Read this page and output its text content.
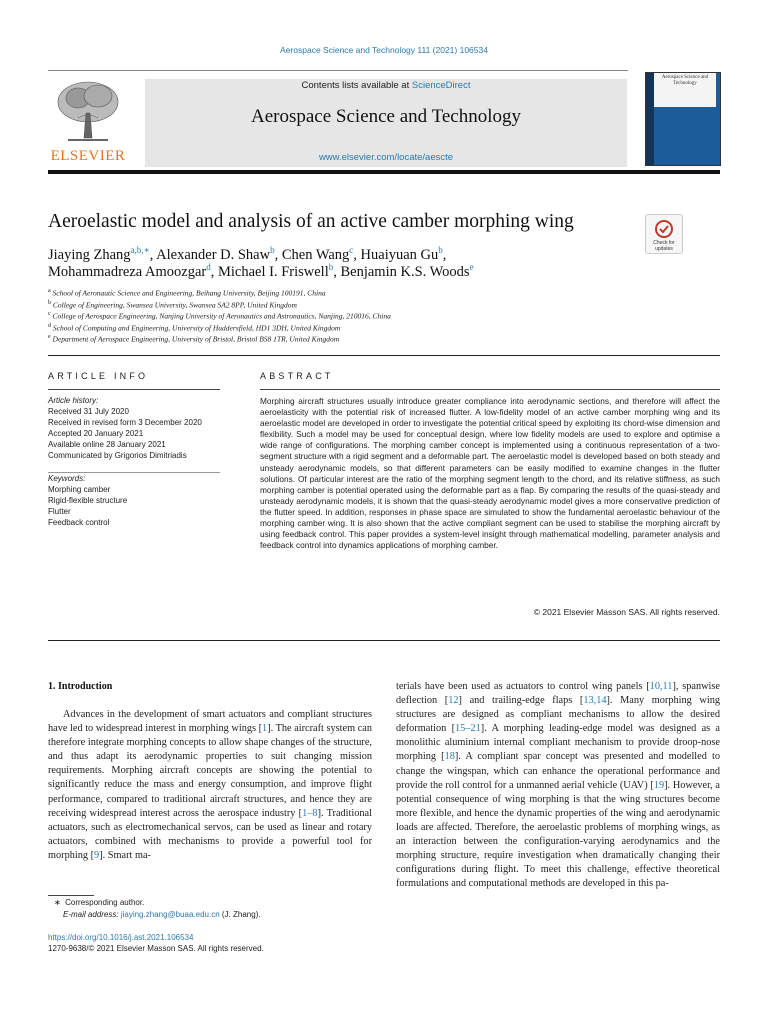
Aerospace Science and Technology 111 (2021) 106534
ELSEVIER
Contents lists available at ScienceDirect
Aerospace Science and Technology
www.elsevier.com/locate/aescte
Aerospace Science and Technology
Aeroelastic model and analysis of an active camber morphing wing
Check for
updates
Jiaying Zhang$^{a,b,∗}$, Alexander D. Shaw$^b$, Chen Wang$^c$, Huaiyuan Gu$^b$,
Mohammadreza Amoozgar$^d$, Michael I. Friswell$^b$, Benjamin K.S. Woods$^e$
$^a$ School of Aeronautic Science and Engineering, Beihang University, Beijing 100191, China
$^b$ College of Engineering, Swansea University, Swansea SA2 8PP, United Kingdom
$^c$ College of Aerospace Engineering, Nanjing University of Aeronautics and Astronautics, Nanjing, 210016, China
$^d$ School of Computing and Engineering, University of Huddersfield, HD1 3DH, United Kingdom
$^e$ Department of Aerospace Engineering, University of Bristol, Bristol BS8 1TR, United Kingdom
ARTICLE INFO	ABSTRACT
Article history:
Received 31 July 2020
Received in revised form 3 December 2020
Accepted 20 January 2021
Available online 28 January 2021
Communicated by Grigorios Dimitriadis
Keywords:
Morphing camber
Rigid-flexible structure
Flutter
Feedback control
Morphing aircraft structures usually introduce greater compliance into aerodynamic sections, and therefore will affect the aeroelasticity with the potential risk of increased flutter. A low-fidelity model of an active camber morphing wing and its aeroelastic model are developed in order to investigate the potential critical speed by exploiting its chord-wise dimension and flexibility. Such a model may be used for conceptual design, where low fidelity models are used to explore and optimise a wide range of configurations. The morphing camber concept is implemented using a continuous representation of a two-segment structure with a rigid segment and a deformable part. The aeroelastic model is developed based on both steady and unsteady aerodynamic models, so that different parameters can be easily modified to examine changes in the flutter solutions. Of particular interest are the ratio of the morphing segment length to the chord, and its relative stiffness, as such morphing camber is potential operated using the deformable part as a flap. By comparing the results of the quasi-steady and unsteady aerodynamic models, it is shown that the quasi-steady aerodynamic model gives a more conservative prediction of the flutter speed. In addition, responses in phase space are simulated to show the fundamental aeroelastic behaviour of the morphing camber wing. It is also shown that the active compliant segment can be used to stabilise the morphing aircraft by using feedback control. This paper provides a system-level insight through mathematical modelling, parameter analysis and feedback control into dynamics applications of morphing camber.
© 2021 Elsevier Masson SAS. All rights reserved.
1. Introduction
Advances in the development of smart actuators and compliant structures have led to widespread interest in morphing wings [1]. The aircraft system can therefore integrate morphing concepts to allow shape changes of the structure, and thus adapt its aerodynamic properties to suit changing mission requirements. Morphing aircraft concepts are showing the potential to significantly reduce the mass and energy consumption, and improve flight performance, compared to traditional aircraft structures, and hence they are receiving widespread interest across the aerospace industry [1–8]. Traditional actuators, such as electromechanical servos, can be used as linear and rotary actuators, combined with mechanisms to provide a powerful tool for morphing [9]. Smart ma-
terials have been used as actuators to control wing panels [10,11], spanwise deflection [12] and trailing-edge flaps [13,14]. Many morphing wing structures are designed as compliant mechanisms to allow the desired deformation [15–21]. A morphing leading-edge model was designed as a monolithic aluminium internal compliant mechanism to provide droop-nose morphing [18]. A compliant spar concept was presented and modelled to change the wingspan, which can enhance the operational performance and provide the roll control for a unmanned aerial vehicle (UAV) [19]. However, a potential consequence of wing morphing is that the wing structures become more flexible, and hence the dynamic properties of the wing and aerodynamic loads are affected. Therefore, the aeroelastic problems of morphing wings, as an interaction between the configuration-varying aerodynamics and the morphing structure, require investigation when dramatically changing their configurations during flight. To meet this challenge, effective theoretical formulations and computational methods are developed in this pa-
∗ Corresponding author.
E-mail address: jiaying.zhang@buaa.edu.cn (J. Zhang).
https://doi.org/10.1016/j.ast.2021.106534
1270-9638/© 2021 Elsevier Masson SAS. All rights reserved.
